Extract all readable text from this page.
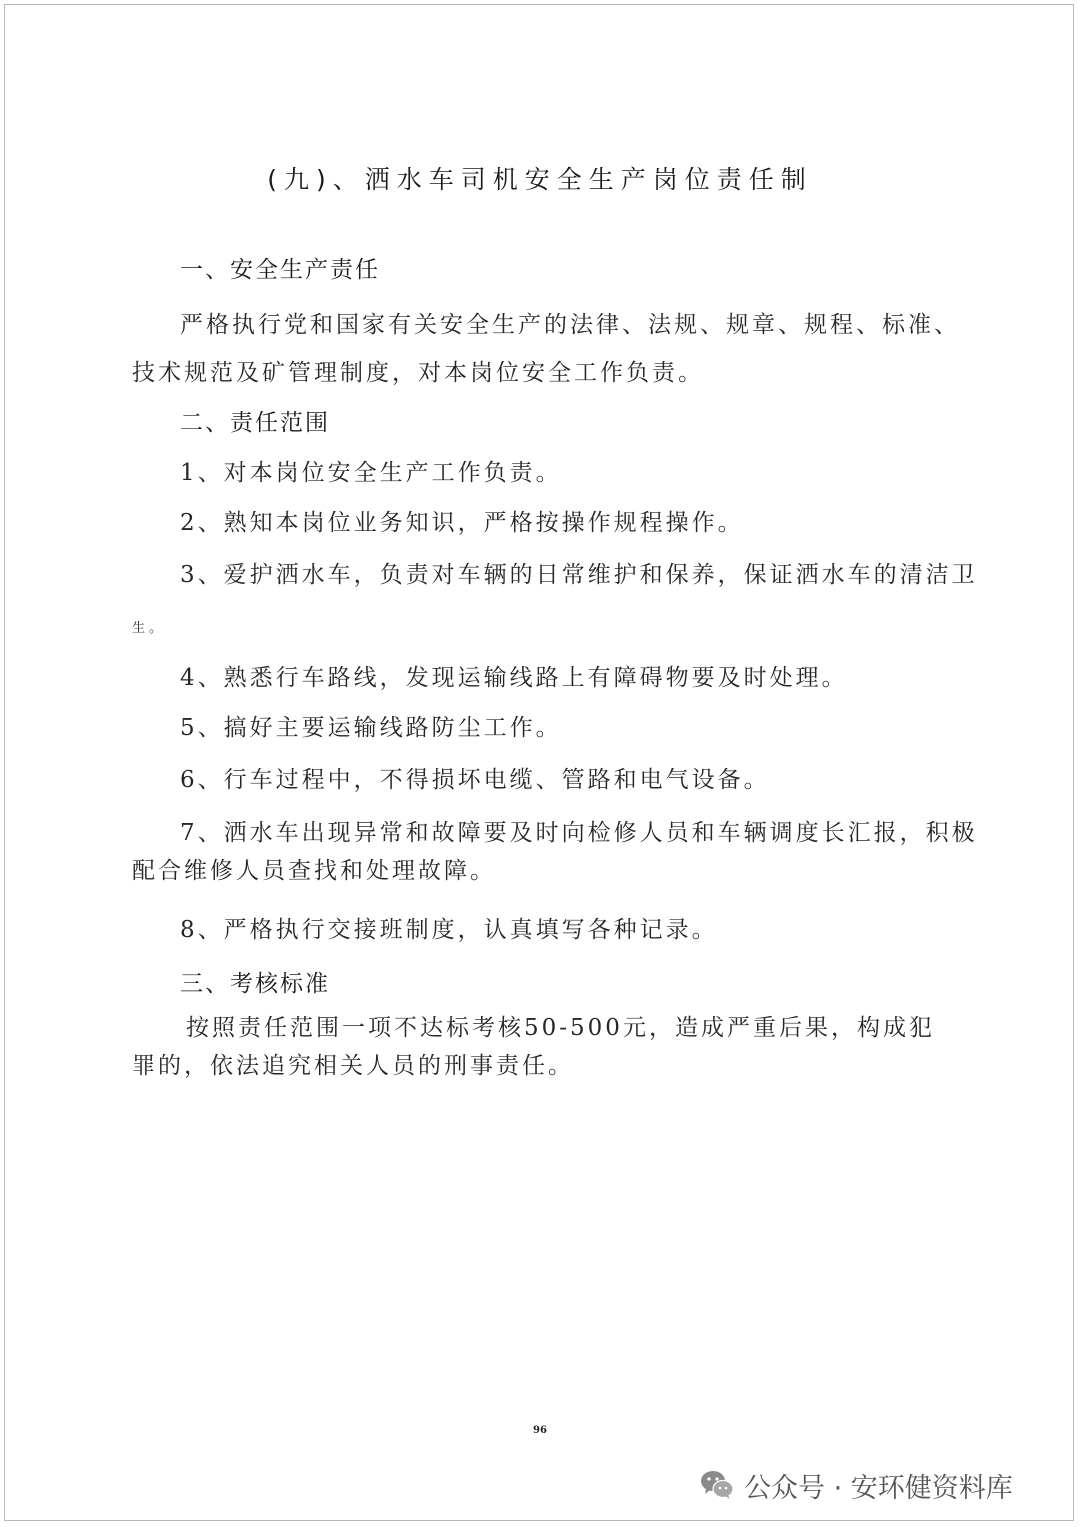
(九)、洒水车司机安全生产岗位责任制
一、安全生产责任
严格执行党和国家有关安全生产的法律、法规、规章、规程、标准、
技术规范及矿管理制度，对本岗位安全工作负责。
二、责任范围
1、对本岗位安全生产工作负责。
2、熟知本岗位业务知识，严格按操作规程操作。
3、爱护洒水车，负责对车辆的日常维护和保养，保证洒水车的清洁卫
生。
4、熟悉行车路线，发现运输线路上有障碍物要及时处理。
5、搞好主要运输线路防尘工作。
6、行车过程中，不得损坏电缆、管路和电气设备。
7、洒水车出现异常和故障要及时向检修人员和车辆调度长汇报，积极
配合维修人员查找和处理故障。
8、严格执行交接班制度，认真填写各种记录。
三、考核标准
按照责任范围一项不达标考核50-500元，造成严重后果，构成犯
罪的，依法追究相关人员的刑事责任。
96
公众号 · 安环健资料库
